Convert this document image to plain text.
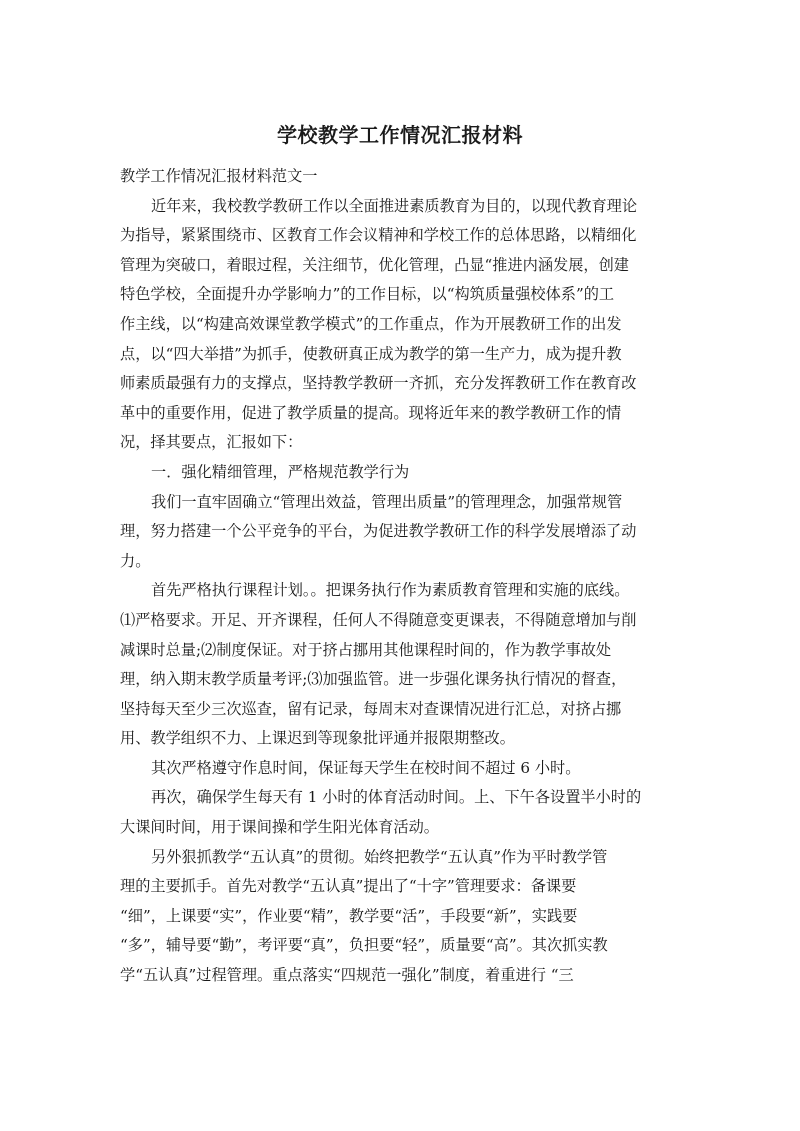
学校教学工作情况汇报材料
教学工作情况汇报材料范文一
近年来，我校教学教研工作以全面推进素质教育为目的，以现代教育理论
为指导，紧紧围绕市、区教育工作会议精神和学校工作的总体思路，以精细化
管理为突破口，着眼过程，关注细节，优化管理，凸显“推进内涵发展，创建
特色学校，全面提升办学影响力”的工作目标，以“构筑质量强校体系”的工
作主线，以“构建高效课堂教学模式”的工作重点，作为开展教研工作的出发
点，以“四大举措”为抓手，使教研真正成为教学的第一生产力，成为提升教
师素质最强有力的支撑点，坚持教学教研一齐抓，充分发挥教研工作在教育改
革中的重要作用，促进了教学质量的提高。现将近年来的教学教研工作的情
况，择其要点，汇报如下：
一．强化精细管理，严格规范教学行为
我们一直牢固确立“管理出效益，管理出质量”的管理理念，加强常规管
理，努力搭建一个公平竞争的平台，为促进教学教研工作的科学发展增添了动
力。
首先严格执行课程计划。。把课务执行作为素质教育管理和实施的底线。
⑴严格要求。开足、开齐课程，任何人不得随意变更课表，不得随意增加与削
减课时总量;⑵制度保证。对于挤占挪用其他课程时间的，作为教学事故处
理，纳入期末教学质量考评;⑶加强监管。进一步强化课务执行情况的督查，
坚持每天至少三次巡查，留有记录，每周末对查课情况进行汇总，对挤占挪
用、教学组织不力、上课迟到等现象批评通并报限期整改。
其次严格遵守作息时间，保证每天学生在校时间不超过 6 小时。
再次，确保学生每天有 1 小时的体育活动时间。上、下午各设置半小时的
大课间时间，用于课间操和学生阳光体育活动。
另外狠抓教学“五认真”的贯彻。始终把教学“五认真”作为平时教学管
理的主要抓手。首先对教学“五认真”提出了“十字”管理要求：备课要
“细”，上课要“实”，作业要“精”，教学要“活”，手段要“新”，实践要
“多”，辅导要“勤”，考评要“真”，负担要“轻”，质量要“高”。其次抓实教
学“五认真”过程管理。重点落实“四规范一强化”制度，着重进行 “三
